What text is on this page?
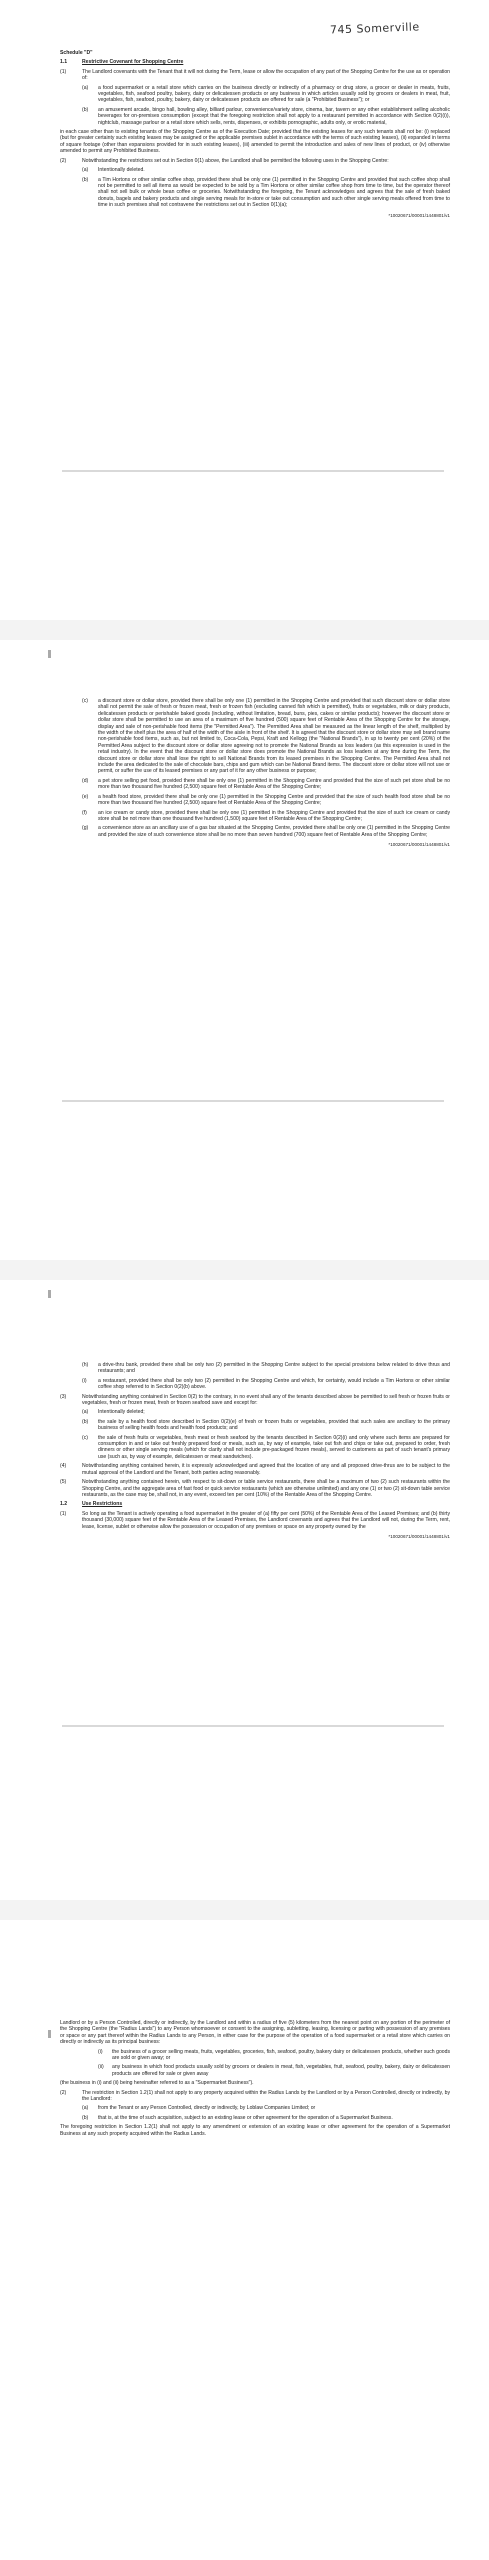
745 Somerville

Schedule "D"

1.1	Restrictive Covenant for Shopping Centre
(1)	The Landlord covenants with the Tenant that it will not during the Term, lease or allow the occupation of any part of the Shopping Centre for the use as or operation of:
(a)	a food supermarket or a retail store which carries on the business directly or indirectly of a pharmacy or drug store, a grocer or dealer in meats, fruits, vegetables, fish, seafood poultry, bakery, dairy or delicatessen products or any business in which articles usually sold by grocers or dealers in meat, fruit, vegetables, fish, seafood, poultry, bakery, dairy or delicatessen products are offered for sale (a "Prohibited Business"); or
(b)	an amusement arcade, bingo hall, bowling alley, billiard parlour, convenience/variety store, cinema, bar, tavern or any other establishment selling alcoholic beverages for on-premises consumption (except that the foregoing restriction shall not apply to a restaurant permitted in accordance with Section 0(2)(i)), nightclub, massage parlour or a retail store which sells, rents, dispenses, or exhibits pornographic, adults only, or erotic material,

in each case other than to existing tenants of the Shopping Centre as of the Execution Date; provided that the existing leases for any such tenants shall not be: (i) replaced (but for greater certainty such existing leases may be assigned or the applicable premises sublet in accordance with the terms of such existing leases), (ii) expanded in terms of square footage (other than expansions provided for in such existing leases), (iii) amended to permit the introduction and sales of new lines of product, or (iv) otherwise amended to permit any Prohibited Business.

(2)	Notwithstanding the restrictions set out in Section 0(1) above, the Landlord shall be permitted the following uses in the Shopping Centre:
(a)	Intentionally deleted.
(b)	a Tim Hortons or other similar coffee shop, provided there shall be only one (1) permitted in the Shopping Centre and provided that such coffee shop shall not be permitted to sell all items as would be expected to be sold by a Tim Hortons or other similar coffee shop from time to time, but the operator thereof shall not sell bulk or whole bean coffee or groceries. Notwithstanding the foregoing, the Tenant acknowledges and agrees that the sale of fresh baked donuts, bagels and bakery products and single serving meals for in-store or take out consumption and such other single serving meals offered from time to time in such premises shall not contravene the restrictions set out in Section 0(1)(a);
*10020671/00001/1448801/v1
(c)	a discount store or dollar store, provided there shall be only one (1) permitted in the Shopping Centre and provided that such discount store or dollar store shall not permit the sale of fresh or frozen meat, fresh or frozen fish (excluding canned fish which is permitted), fruits or vegetables, milk or dairy products, delicatessen products or perishable baked goods (including, without limitation, bread, buns, pies, cakes or similar products); however the discount store or dollar store shall be permitted to use an area of a maximum of five hundred (500) square feet of Rentable Area of the Shopping Centre for the storage, display and sale of non-perishable food items (the "Permitted Area"). The Permitted Area shall be measured as the linear length of the shelf, multiplied by the width of the shelf plus the area of half of the width of the aisle in front of the shelf. It is agreed that the discount store or dollar store may sell brand name non-perishable food items, such as, but not limited to, Coca-Cola, Pepsi, Kraft and Kellogg (the "National Brands"), in up to twenty per cent (20%) of the Permitted Area subject to the discount store or dollar store agreeing not to promote the National Brands as loss leaders (as this expression is used in the retail industry). In the event that the discount store or dollar store does promote the National Brands as loss leaders at any time during the Term, the discount store or dollar store shall lose the right to sell National Brands from its leased premises in the Shopping Centre. The Permitted Area shall not include the area dedicated to the sale of chocolate bars, chips and gum which can be National Brand items. The discount store or dollar store will not use or permit, or suffer the use of its leased premises or any part of it for any other business or purpose;
(d)	a pet store selling pet food, provided there shall be only one (1) permitted in the Shopping Centre and provided that the size of such pet store shall be no more than two thousand five hundred (2,500) square feet of Rentable Area of the Shopping Centre;
(e)	a health food store, provided there shall be only one (1) permitted in the Shopping Centre and provided that the size of such health food store shall be no more than two thousand five hundred (2,500) square feet of Rentable Area of the Shopping Centre;
(f)	an ice cream or candy store, provided there shall be only one (1) permitted in the Shopping Centre and provided that the size of such ice cream or candy store shall be not more than one thousand five hundred (1,500) square feet of Rentable Area of the Shopping Centre;
(g)	a convenience store as an ancillary use of a gas bar situated at the Shopping Centre, provided there shall be only one (1) permitted in the Shopping Centre and provided the size of such convenience store shall be no more than seven hundred (700) square feet of Rentable Area of the Shopping Centre;
*10020671/00001/1448801/v1
(h)	a drive-thru bank, provided there shall be only two (2) permitted in the Shopping Centre subject to the special provisions below related to drive thrus and restaurants; and
(i)	a restaurant, provided there shall be only two (2) permitted in the Shopping Centre and which, for certainty, would include a Tim Hortons or other similar coffee shop referred to in Section 0(2)(b) above.
(3)	Notwithstanding anything contained in Section 0(2) to the contrary, in no event shall any of the tenants described above be permitted to sell fresh or frozen fruits or vegetables, fresh or frozen meat, fresh or frozen seafood save and except for:
(a)	Intentionally deleted;
(b)	the sale by a health food store described in Section 0(2)(e) of fresh or frozen fruits or vegetables, provided that such sales are ancillary to the primary business of selling health foods and health food products; and
(c)	the sale of fresh fruits or vegetables, fresh meat or fresh seafood by the tenants described in Section 0(2)(i) and only where such items are prepared for consumption in and or take out freshly prepared food or meals, such as, by way of example, take out fish and chips or take out, prepared to order, fresh dinners or other single serving meals (which for clarity shall not include pre-packaged frozen meals), served to customers as part of such tenant's primary use (such as, by way of example, delicatessen or meat sandwiches).
(4)	Notwithstanding anything contained herein, it is expressly acknowledged and agreed that the location of any and all proposed drive-thrus are to be subject to the mutual approval of the Landlord and the Tenant, both parties acting reasonably.
(5)	Notwithstanding anything contained herein, with respect to sit-down or table service restaurants, there shall be a maximum of two (2) such restaurants within the Shopping Centre, and the aggregate area of fast food or quick service restaurants (which are otherwise unlimited) and any one (1) or two (2) sit-down table service restaurants, as the case may be, shall not, in any event, exceed ten per cent (10%) of the Rentable Area of the Shopping Centre.
1.2	Use Restrictions
(1)	So long as the Tenant is actively operating a food supermarket in the greater of (a) fifty per cent (50%) of the Rentable Area of the Leased Premises; and (b) thirty thousand (30,000) square feet of the Rentable Area of the Leased Premises, the Landlord covenants and agrees that the Landlord will not, during the Term, rent, lease, license, sublet or otherwise allow the possession or occupation of any premises or space on any property owned by the
*10020671/00001/1448801/v1

Landlord or by a Person Controlled, directly or indirectly, by the Landlord and within a radius of five (5) kilometers from the nearest point on any portion of the perimeter of the Shopping Centre (the "Radius Lands") to any Person whomsoever or consent to the assigning, subletting, leasing, licensing or parting with possession of any premises or space or any part thereof within the Radius Lands to any Person, in either case for the purpose of the operation of a food supermarket or a retail store which carries on directly or indirectly as its principal business:

(i)	the business of a grocer selling meats, fruits, vegetables, groceries, fish, seafood, poultry, bakery dairy or delicatessen products, whether such goods are sold or given away; or
(ii)	any business in which food products usually sold by grocers or dealers in meat, fish, vegetables, fruit, seafood, poultry, bakery, dairy or delicatessen products are offered for sale or given away

(the business in (i) and (ii) being hereinafter referred to as a "Supermarket Business").

(2)	The restriction in Section 1.2(1) shall not apply to any property acquired within the Radius Lands by the Landlord or by a Person Controlled, directly or indirectly, by the Landlord:
(a)	from the Tenant or any Person Controlled, directly or indirectly, by Loblaw Companies Limited; or
(b)	that is, at the time of such acquisition, subject to an existing lease or other agreement for the operation of a Supermarket Business.

The foregoing restriction in Section 1.2(1) shall not apply to any amendment or extension of an existing lease or other agreement for the operation of a Supermarket Business at any such property acquired within the Radius Lands.
